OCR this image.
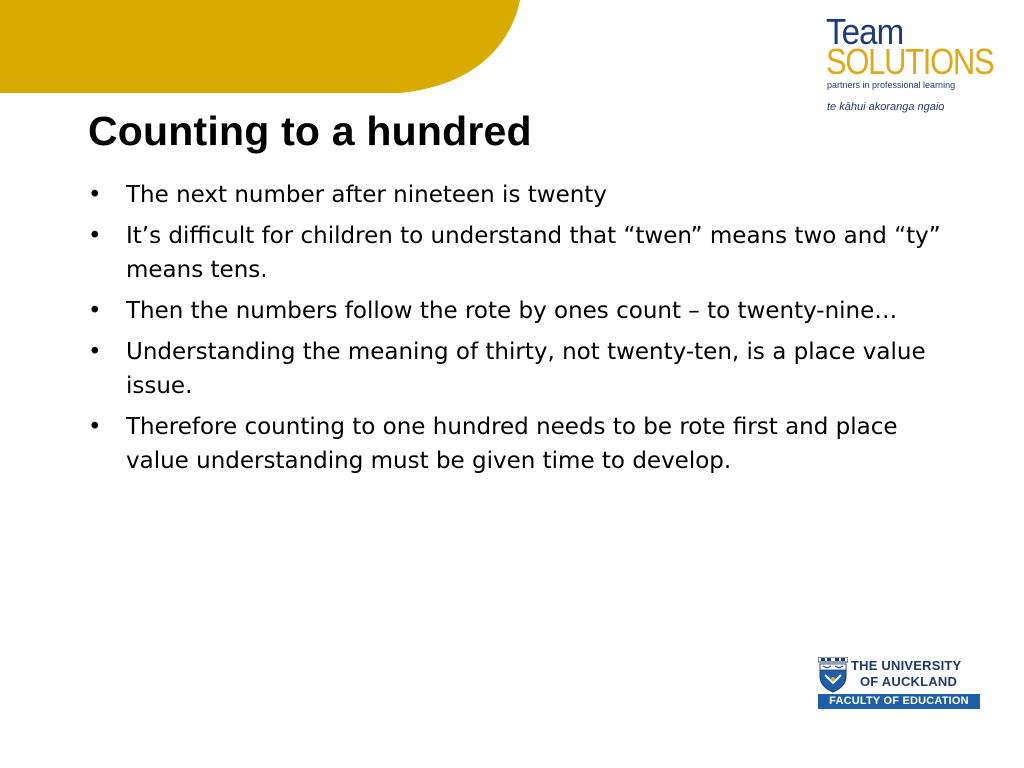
Team
SOLUTIONS
partners in professional learning
te kāhui akoranga ngaio
Counting to a hundred
• The next number after nineteen is twenty
• It’s difficult for children to understand that “twen” means two and “ty” means tens.
• Then the numbers follow the rote by ones count – to twenty-nine…
• Understanding the meaning of thirty, not twenty-ten, is a place value issue.
• Therefore counting to one hundred needs to be rote first and place value understanding must be given time to develop.
THE UNIVERSITY
OF AUCKLAND
FACULTY OF EDUCATION
